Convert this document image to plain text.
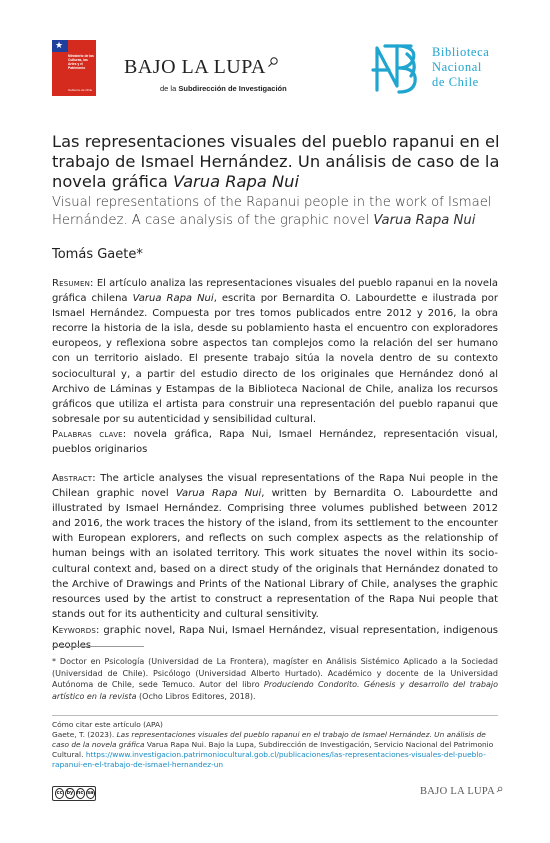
★
Ministerio de las Culturas, las Artes y el Patrimonio
Gobierno de Chile
BAJO LA LUPA
de la Subdirección de Investigación
Biblioteca
Nacional
de Chile
Las representaciones visuales del pueblo rapanui en el trabajo de Ismael Hernández. Un análisis de caso de la novela gráfica Varua Rapa Nui
Visual representations of the Rapanui people in the work of Ismael Hernández. A case analysis of the graphic novel Varua Rapa Nui
Tomás Gaete*
Resumen: El artículo analiza las representaciones visuales del pueblo rapanui en la novela gráfica chilena Varua Rapa Nui, escrita por Bernardita O. Labourdette e ilustrada por Ismael Hernández. Compuesta por tres tomos publicados entre 2012 y 2016, la obra recorre la historia de la isla, desde su poblamiento hasta el encuentro con exploradores europeos, y reflexiona sobre aspectos tan complejos como la relación del ser humano con un territorio aislado. El presente trabajo sitúa la novela dentro de su contexto sociocultural y, a partir del estudio directo de los originales que Hernández donó al Archivo de Láminas y Estampas de la Biblioteca Nacional de Chile, analiza los recursos gráficos que utiliza el artista para construir una representación del pueblo rapanui que sobresale por su autenticidad y sensibilidad cultural.
Palabras clave: novela gráfica, Rapa Nui, Ismael Hernández, representación visual, pueblos originarios
Abstract: The article analyses the visual representations of the Rapa Nui people in the Chilean graphic novel Varua Rapa Nui, written by Bernardita O. Labourdette and illustrated by Ismael Hernández. Comprising three volumes published between 2012 and 2016, the work traces the history of the island, from its settlement to the encounter with European explorers, and reflects on such complex aspects as the relationship of human beings with an isolated territory. This work situates the novel within its socio-cultural context and, based on a direct study of the originals that Hernández donated to the Archive of Drawings and Prints of the National Library of Chile, analyses the graphic resources used by the artist to construct a representation of the Rapa Nui people that stands out for its authenticity and cultural sensitivity.
Keywords: graphic novel, Rapa Nui, Ismael Hernández, visual representation, indigenous peoples
* Doctor en Psicología (Universidad de La Frontera), magíster en Análisis Sistémico Aplicado a la Sociedad (Universidad de Chile). Psicólogo (Universidad Alberto Hurtado). Académico y docente de la Universidad Autónoma de Chile, sede Temuco. Autor del libro Produciendo Condorito. Génesis y desarrollo del trabajo artístico en la revista (Ocho Libros Editores, 2018).
Cómo citar este artículo (APA)
Gaete, T. (2023). Las representaciones visuales del pueblo rapanui en el trabajo de Ismael Hernández. Un análisis de caso de la novela gráfica Varua Rapa Nui. Bajo la Lupa, Subdirección de Investigación, Servicio Nacional del Patrimonio Cultural. https://www.investigacion.patrimoniocultural.gob.cl/publicaciones/las-representaciones-visuales-del-pueblo-rapanui-en-el-trabajo-de-ismael-hernandez-un
cc by nc sa	BAJO LA LUPA
